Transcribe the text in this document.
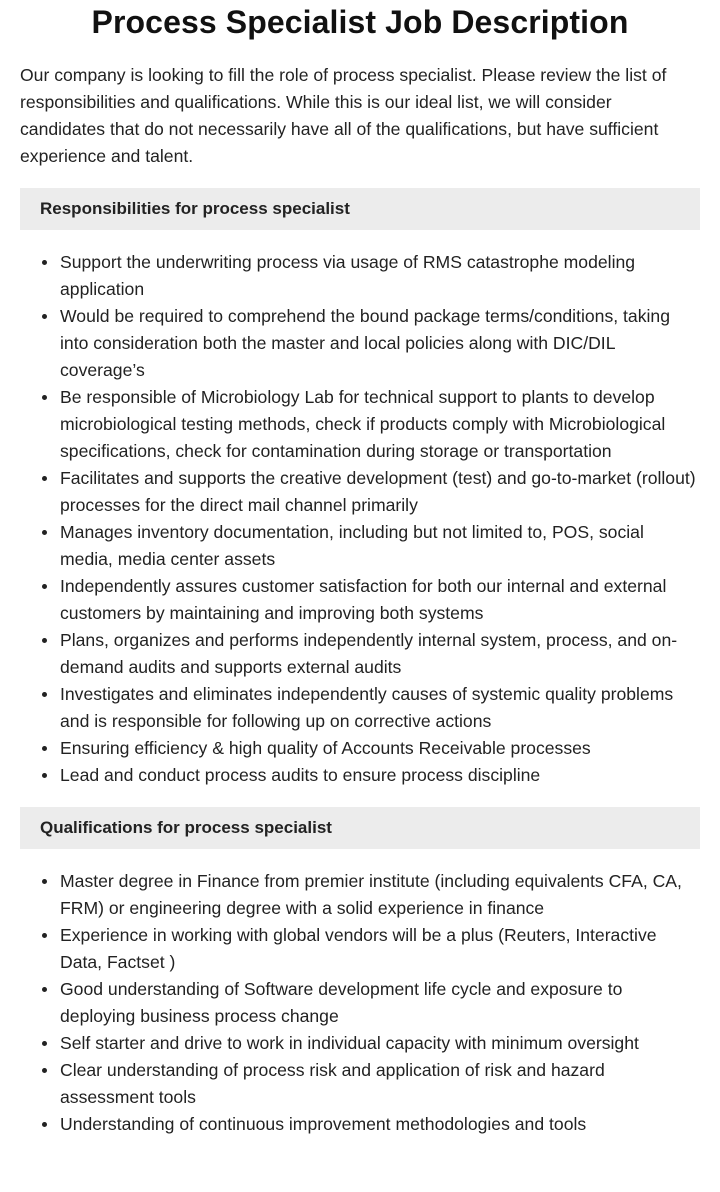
Process Specialist Job Description

Our company is looking to fill the role of process specialist. Please review the list of responsibilities and qualifications. While this is our ideal list, we will consider candidates that do not necessarily have all of the qualifications, but have sufficient experience and talent.

Responsibilities for process specialist
Support the underwriting process via usage of RMS catastrophe modeling application
Would be required to comprehend the bound package terms/conditions, taking into consideration both the master and local policies along with DIC/DIL coverage’s
Be responsible of Microbiology Lab for technical support to plants to develop microbiological testing methods, check if products comply with Microbiological specifications, check for contamination during storage or transportation
Facilitates and supports the creative development (test) and go-to-market (rollout) processes for the direct mail channel primarily
Manages inventory documentation, including but not limited to, POS, social media, media center assets
Independently assures customer satisfaction for both our internal and external customers by maintaining and improving both systems
Plans, organizes and performs independently internal system, process, and on-demand audits and supports external audits
Investigates and eliminates independently causes of systemic quality problems and is responsible for following up on corrective actions
Ensuring efficiency & high quality of Accounts Receivable processes
Lead and conduct process audits to ensure process discipline
Qualifications for process specialist
Master degree in Finance from premier institute (including equivalents CFA, CA, FRM) or engineering degree with a solid experience in finance
Experience in working with global vendors will be a plus (Reuters, Interactive Data, Factset )
Good understanding of Software development life cycle and exposure to deploying business process change
Self starter and drive to work in individual capacity with minimum oversight
Clear understanding of process risk and application of risk and hazard assessment tools
Understanding of continuous improvement methodologies and tools
